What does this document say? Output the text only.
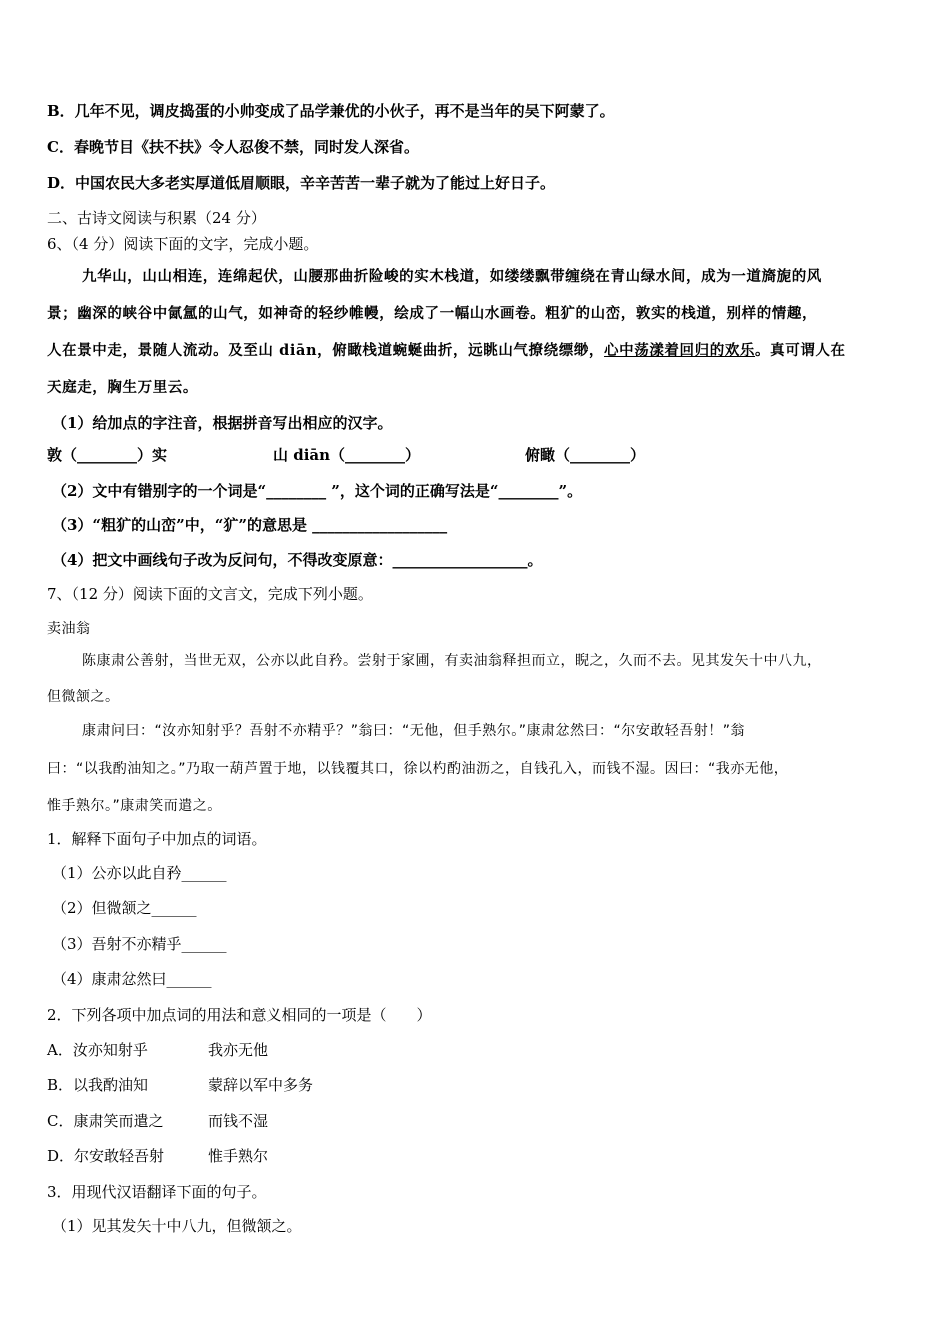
B．几年不见，调皮捣蛋的小帅变成了品学兼优的小伙子，再不是当年的吴下阿蒙了。
C．春晚节目《扶不扶》令人忍俊不禁，同时发人深省。
D．中国农民大多老实厚道低眉顺眼，辛辛苦苦一辈子就为了能过上好日子。
二、古诗文阅读与积累（24 分）
6、（4 分）阅读下面的文字，完成小题。
九华山，山山相连，连绵起伏，山腰那曲折险峻的实木栈道，如缕缕飘带缠绕在青山绿水间，成为一道旖旎的风
景；幽深的峡谷中氤氲的山气，如神奇的轻纱帷幔，绘成了一幅山水画卷。粗犷的山峦，敦实的栈道，别样的情趣，
人在景中走，景随人流动。及至山 diān，俯瞰栈道蜿蜒曲折，远眺山气撩绕缥缈，心中荡漾着回归的欢乐。真可谓人在
天庭走，胸生万里云。
（1）给加点的字注音，根据拼音写出相应的汉字。
敦（________）实	山 diān（________）	俯瞰（________）
（2）文中有错别字的一个词是“________ ”，这个词的正确写法是“________”。
（3）“粗犷的山峦”中，“犷”的意思是 __________________
（4）把文中画线句子改为反问句，不得改变原意：__________________。
7、（12 分）阅读下面的文言文，完成下列小题。
卖油翁
陈康肃公善射，当世无双，公亦以此自矜。尝射于家圃，有卖油翁释担而立，睨之，久而不去。见其发矢十中八九，
但微颔之。
康肃问曰：“汝亦知射乎？吾射不亦精乎？”翁曰：“无他，但手熟尔。”康肃忿然曰：“尔安敢轻吾射！”翁
曰：“以我酌油知之。”乃取一葫芦置于地，以钱覆其口，徐以杓酌油沥之，自钱孔入，而钱不湿。因曰：“我亦无他，
惟手熟尔。”康肃笑而遣之。
1．解释下面句子中加点的词语。
（1）公亦以此自矜______
（2）但微颔之______
（3）吾射不亦精乎______
（4）康肃忿然曰______
2．下列各项中加点词的用法和意义相同的一项是（　　）
A．汝亦知射乎	我亦无他
B．以我酌油知	蒙辞以军中多务
C．康肃笑而遣之	而钱不湿
D．尔安敢轻吾射	惟手熟尔
3．用现代汉语翻译下面的句子。
（1）见其发矢十中八九，但微颔之。
